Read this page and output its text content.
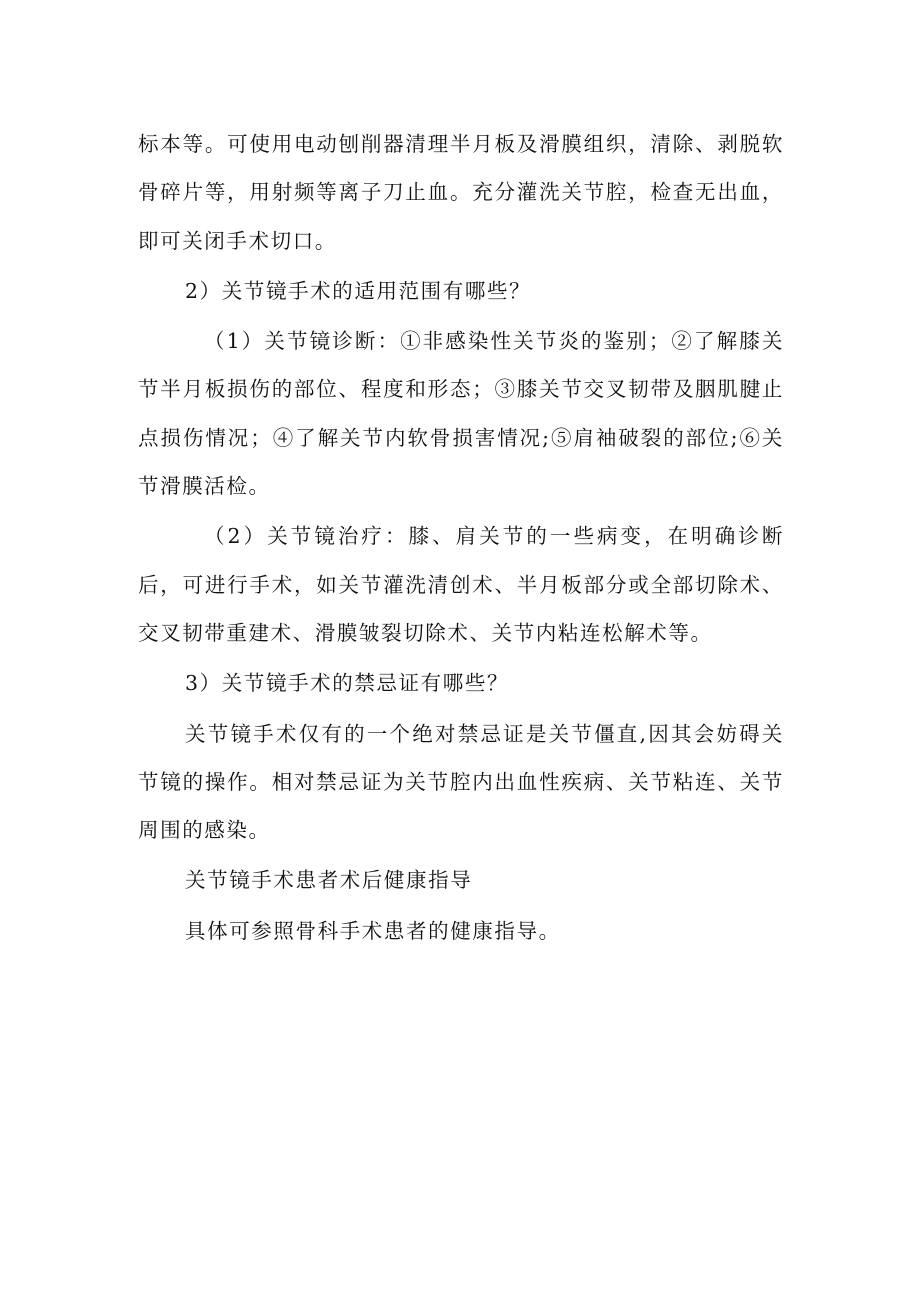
标本等。可使用电动刨削器清理半月板及滑膜组织，清除、剥脱软骨碎片等，用射频等离子刀止血。充分灌洗关节腔，检查无出血，即可关闭手术切口。

2）关节镜手术的适用范围有哪些？

（1）关节镜诊断：①非感染性关节炎的鉴别；②了解膝关节半月板损伤的部位、程度和形态；③膝关节交叉韧带及胭肌腱止点损伤情况；④了解关节内软骨损害情况;⑤肩袖破裂的部位;⑥关节滑膜活检。

（2）关节镜治疗：膝、肩关节的一些病变，在明确诊断后，可进行手术，如关节灌洗清创术、半月板部分或全部切除术、交叉韧带重建术、滑膜皱裂切除术、关节内粘连松解术等。

3）关节镜手术的禁忌证有哪些？

关节镜手术仅有的一个绝对禁忌证是关节僵直,因其会妨碍关节镜的操作。相对禁忌证为关节腔内出血性疾病、关节粘连、关节周围的感染。

关节镜手术患者术后健康指导

具体可参照骨科手术患者的健康指导。
